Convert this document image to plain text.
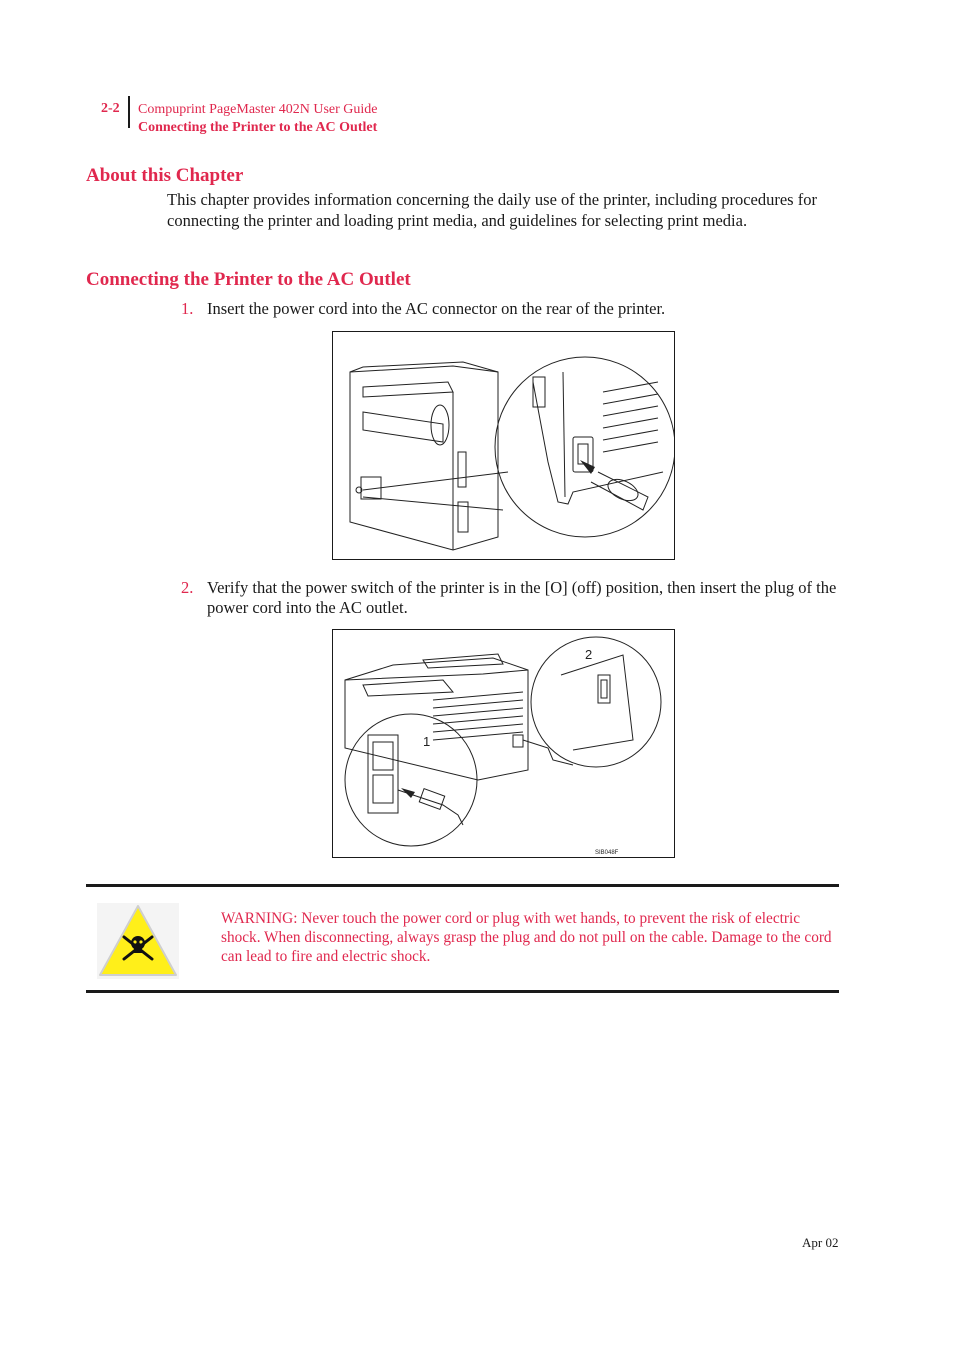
2-2 Compuprint PageMaster 402N User Guide
Connecting the Printer to the AC Outlet
About this Chapter

This chapter provides information concerning the daily use of the printer, including procedures for connecting the printer and loading print media, and guidelines for selecting print media.

Connecting the Printer to the AC Outlet
1. Insert the power cord into the AC connector on the rear of the printer.
2. Verify that the power switch of the printer is in the [O] (off) position, then insert the plug of the power cord into the AC outlet.
1
2
SIB048F
WARNING: Never touch the power cord or plug with wet hands, to prevent the risk of electric shock. When disconnecting, always grasp the plug and do not pull on the cable. Damage to the cord can lead to fire and electric shock.
Apr 02
